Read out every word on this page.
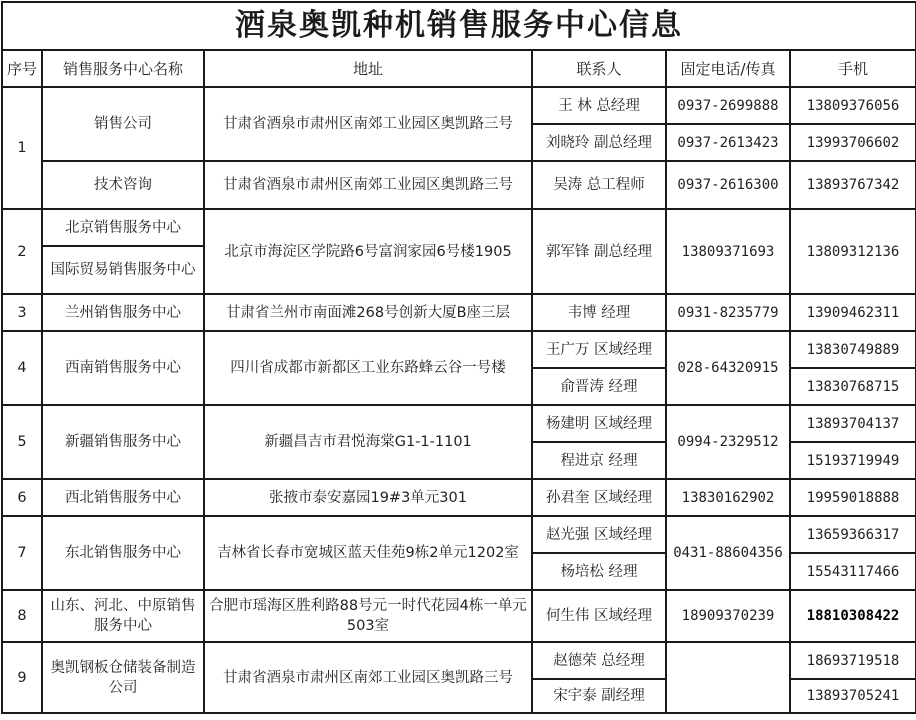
酒泉奥凯种机销售服务中心信息					
序号	销售服务中心名称	地址	联系人	固定电话/传真	手机
1	销售公司	甘肃省酒泉市肃州区南郊工业园区奥凯路三号	王 林 总经理	0937-2699888	13809376056
			刘晓玲 副总经理	0937-2613423	13993706602
	技术咨询	甘肃省酒泉市肃州区南郊工业园区奥凯路三号	吴涛 总工程师	0937-2616300	13893767342
2	北京销售服务中心	北京市海淀区学院路6号富润家园6号楼1905	郭军锋 副总经理	13809371693	13809312136
	国际贸易销售服务中心				
3	兰州销售服务中心	甘肃省兰州市南面滩268号创新大厦B座三层	韦博 经理	0931-8235779	13909462311
4	西南销售服务中心	四川省成都市新都区工业东路蜂云谷一号楼	王广万 区域经理	028-64320915	13830749889
			俞晋涛 经理		13830768715
5	新疆销售服务中心	新疆昌吉市君悦海棠G1-1-1101	杨建明 区域经理	0994-2329512	13893704137
			程进京 经理		15193719949
6	西北销售服务中心	张掖市泰安嘉园19#3单元301	孙君奎 区域经理	13830162902	19959018888
7	东北销售服务中心	吉林省长春市宽城区蓝天佳苑9栋2单元1202室	赵光强 区域经理	0431-88604356	13659366317
			杨培松 经理		15543117466
8	山东、河北、中原销售服务中心	合肥市瑶海区胜利路88号元一时代花园4栋一单元503室	何生伟 区域经理	18909370239	18810308422
9	奥凯钢板仓储装备制造公司	甘肃省酒泉市肃州区南郊工业园区奥凯路三号	赵德荣 总经理		18693719518
			宋宇泰 副经理		13893705241
